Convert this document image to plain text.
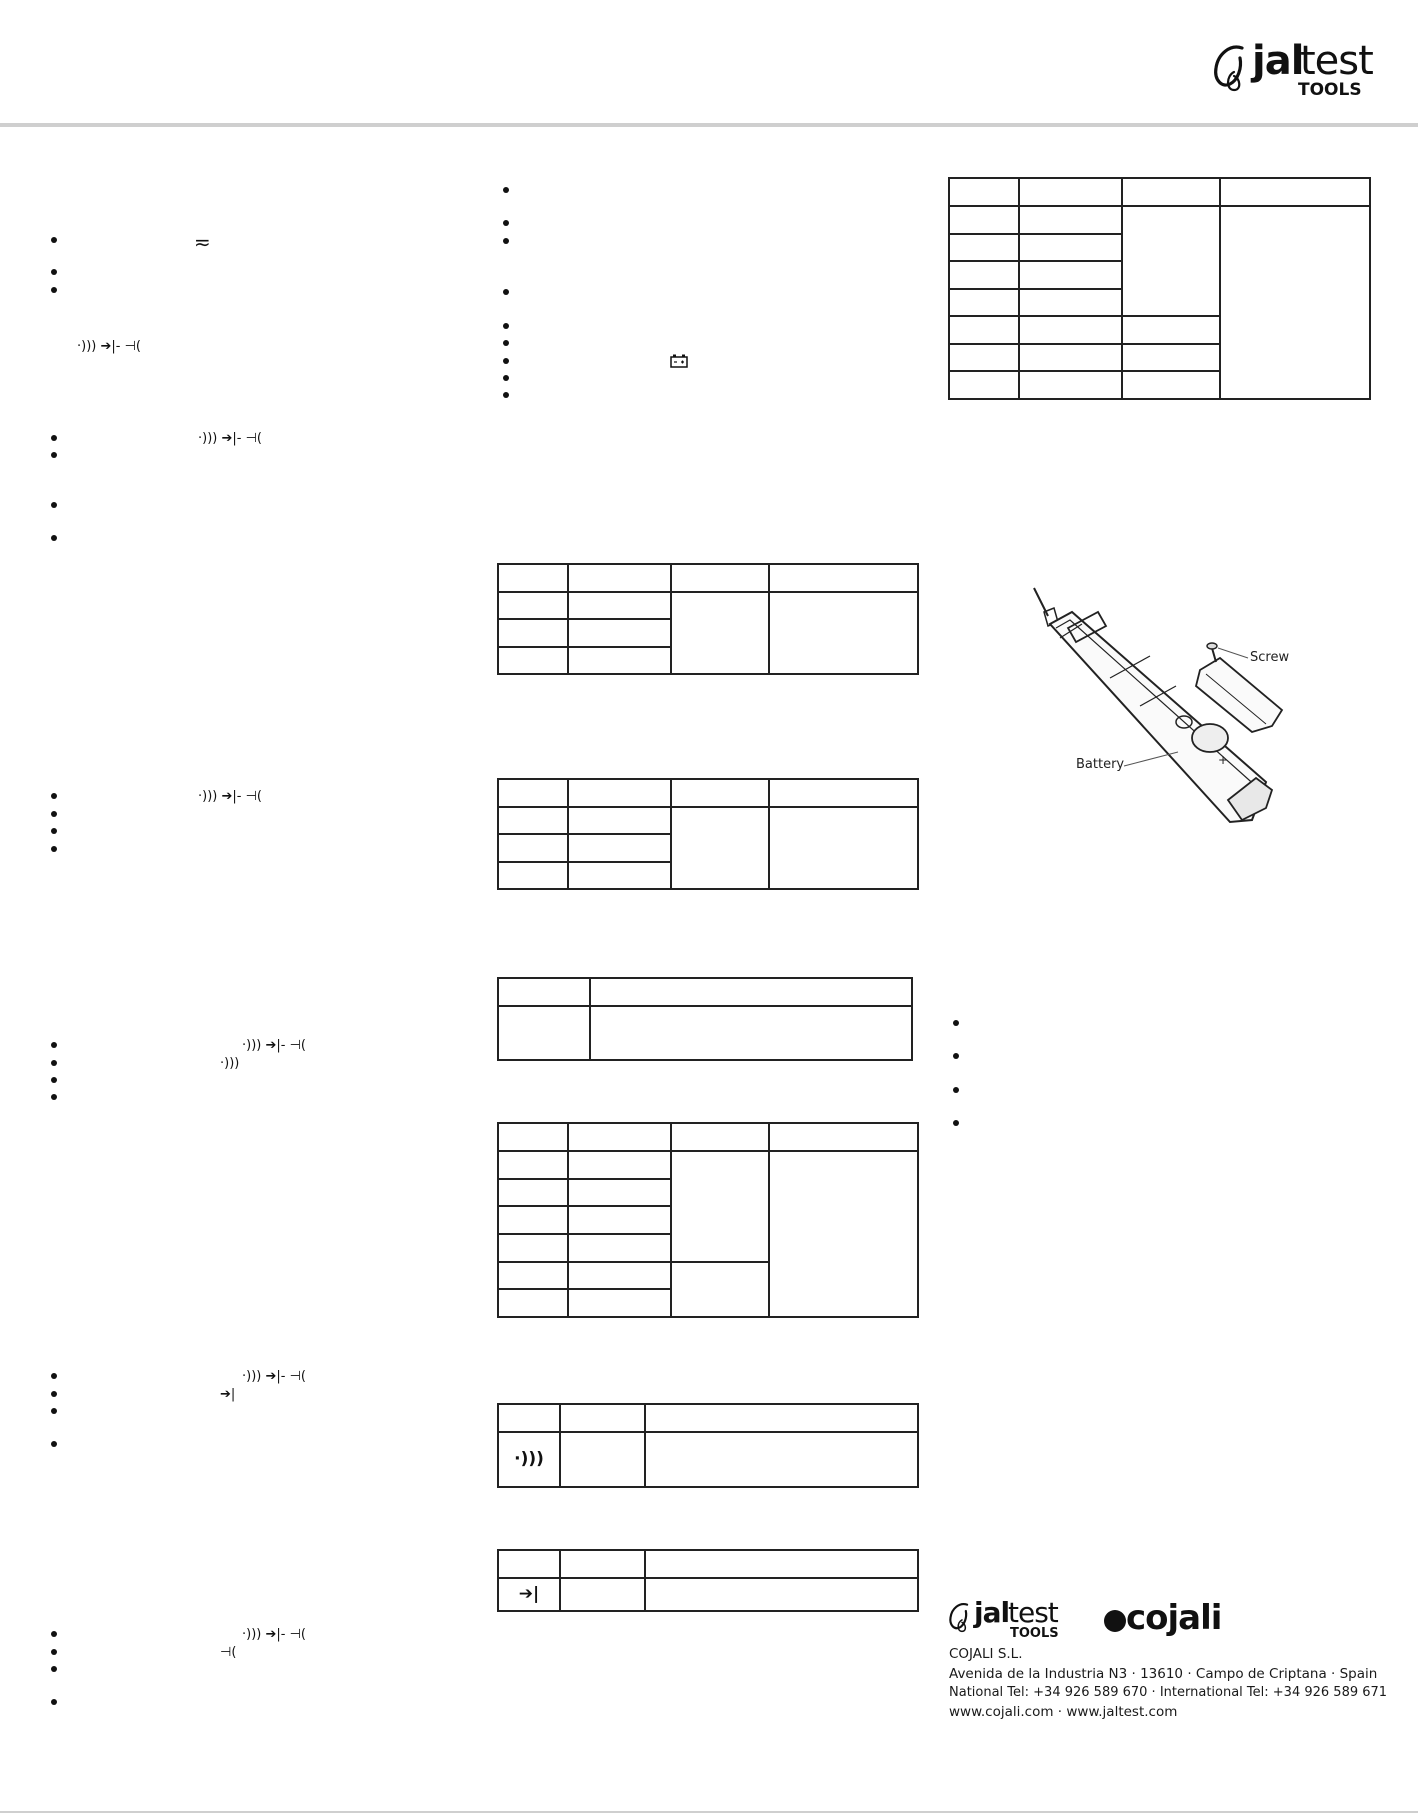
jal
test
TOOLS
≂
·))) ➔|- ⊣(
·))) ➔|- ⊣(
·))) ➔|- ⊣(
·))) ➔|- ⊣(
·)))
·))) ➔|- ⊣(
➔|
·))) ➔|- ⊣(
⊣(

·)))		

➔|		

+
Screw
Battery
jal
test
TOOLS cojali
COJALI S.L.
Avenida de la Industria N3 · 13610 · Campo de Criptana · Spain
National Tel: +34 926 589 670 · International Tel: +34 926 589 671
www.cojali.com · www.jaltest.com
